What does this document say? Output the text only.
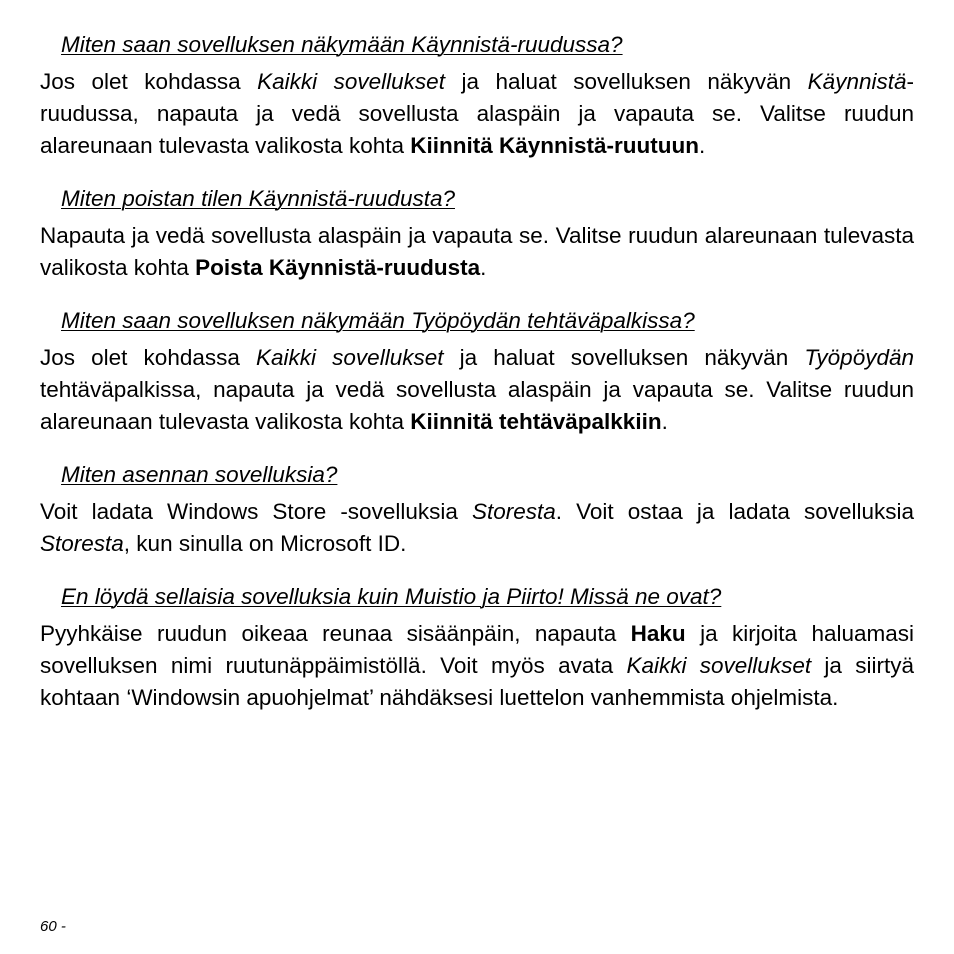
Miten saan sovelluksen näkymään Käynnistä-ruudussa?

Jos olet kohdassa Kaikki sovellukset ja haluat sovelluksen näkyvän Käynnistä-ruudussa, napauta ja vedä sovellusta alaspäin ja vapauta se. Valitse ruudun alareunaan tulevasta valikosta kohta Kiinnitä Käynnistä-ruutuun.

Miten poistan tilen Käynnistä-ruudusta?

Napauta ja vedä sovellusta alaspäin ja vapauta se. Valitse ruudun alareunaan tulevasta valikosta kohta Poista Käynnistä-ruudusta.

Miten saan sovelluksen näkymään Työpöydän tehtäväpalkissa?

Jos olet kohdassa Kaikki sovellukset ja haluat sovelluksen näkyvän Työpöydän tehtäväpalkissa, napauta ja vedä sovellusta alaspäin ja vapauta se. Valitse ruudun alareunaan tulevasta valikosta kohta Kiinnitä tehtäväpalkkiin.

Miten asennan sovelluksia?

Voit ladata Windows Store -sovelluksia Storesta. Voit ostaa ja ladata sovelluksia Storesta, kun sinulla on Microsoft ID.

En löydä sellaisia sovelluksia kuin Muistio ja Piirto! Missä ne ovat?

Pyyhkäise ruudun oikeaa reunaa sisäänpäin, napauta Haku ja kirjoita haluamasi sovelluksen nimi ruutunäppäimistöllä. Voit myös avata Kaikki sovellukset ja siirtyä kohtaan ‘Windowsin apuohjelmat’ nähdäksesi luettelon vanhemmista ohjelmista.

60 -
